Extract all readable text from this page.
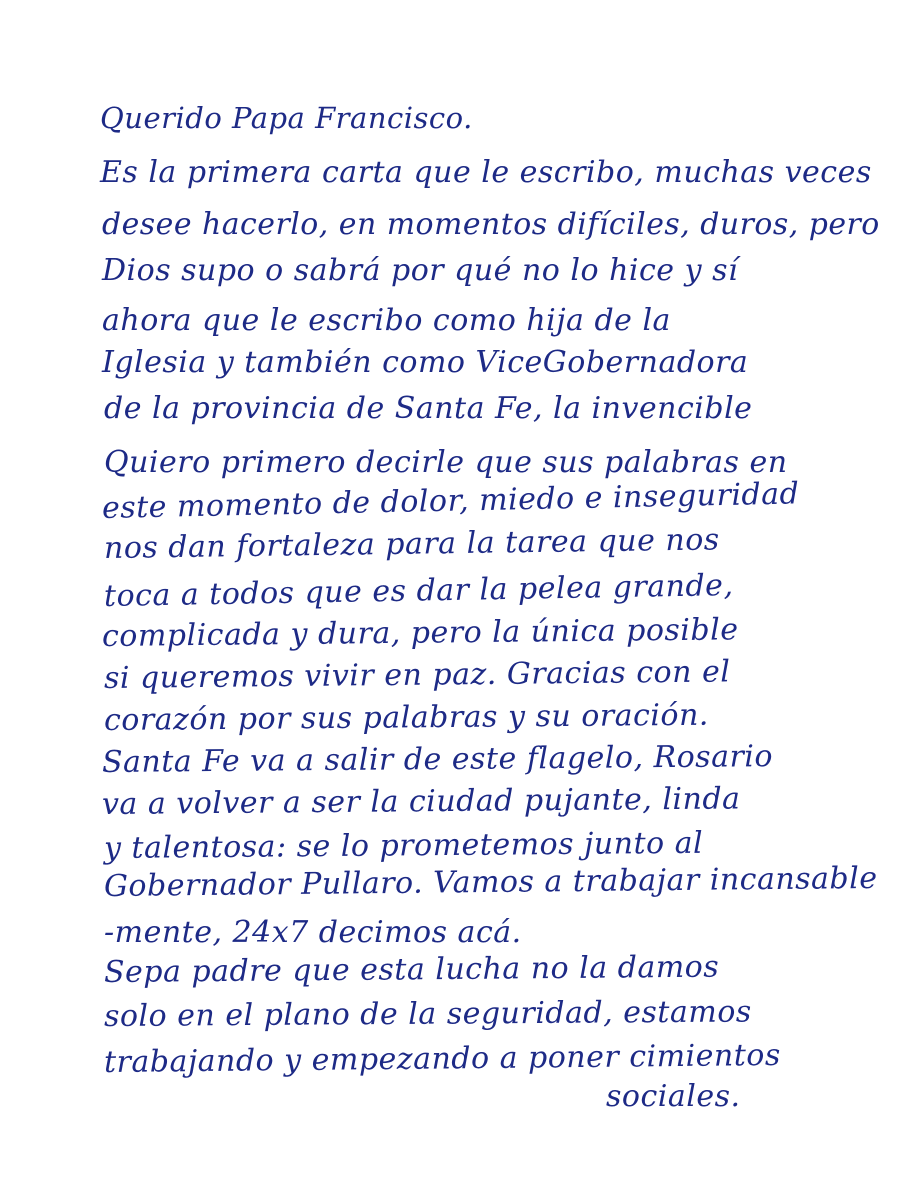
Querido Papa Francisco.
Es la primera carta que le escribo, muchas veces
desee hacerlo, en momentos difíciles, duros, pero
Dios supo o sabrá por qué no lo hice y sí
ahora que le escribo como hija de la
Iglesia y también como ViceGobernadora
de la provincia de Santa Fe, la invencible
Quiero primero decirle que sus palabras en
este momento de dolor, miedo e inseguridad
nos dan fortaleza para la tarea que nos
toca a todos que es dar la pelea grande,
complicada y dura, pero la única posible
si queremos vivir en paz. Gracias con el
corazón por sus palabras y su oración.
Santa Fe va a salir de este flagelo, Rosario
va a volver a ser la ciudad pujante, linda
y talentosa: se lo prometemos junto al
Gobernador Pullaro. Vamos a trabajar incansable
-mente, 24x7 decimos acá.
Sepa padre que esta lucha no la damos
solo en el plano de la seguridad, estamos
trabajando y empezando a poner cimientos
sociales.
